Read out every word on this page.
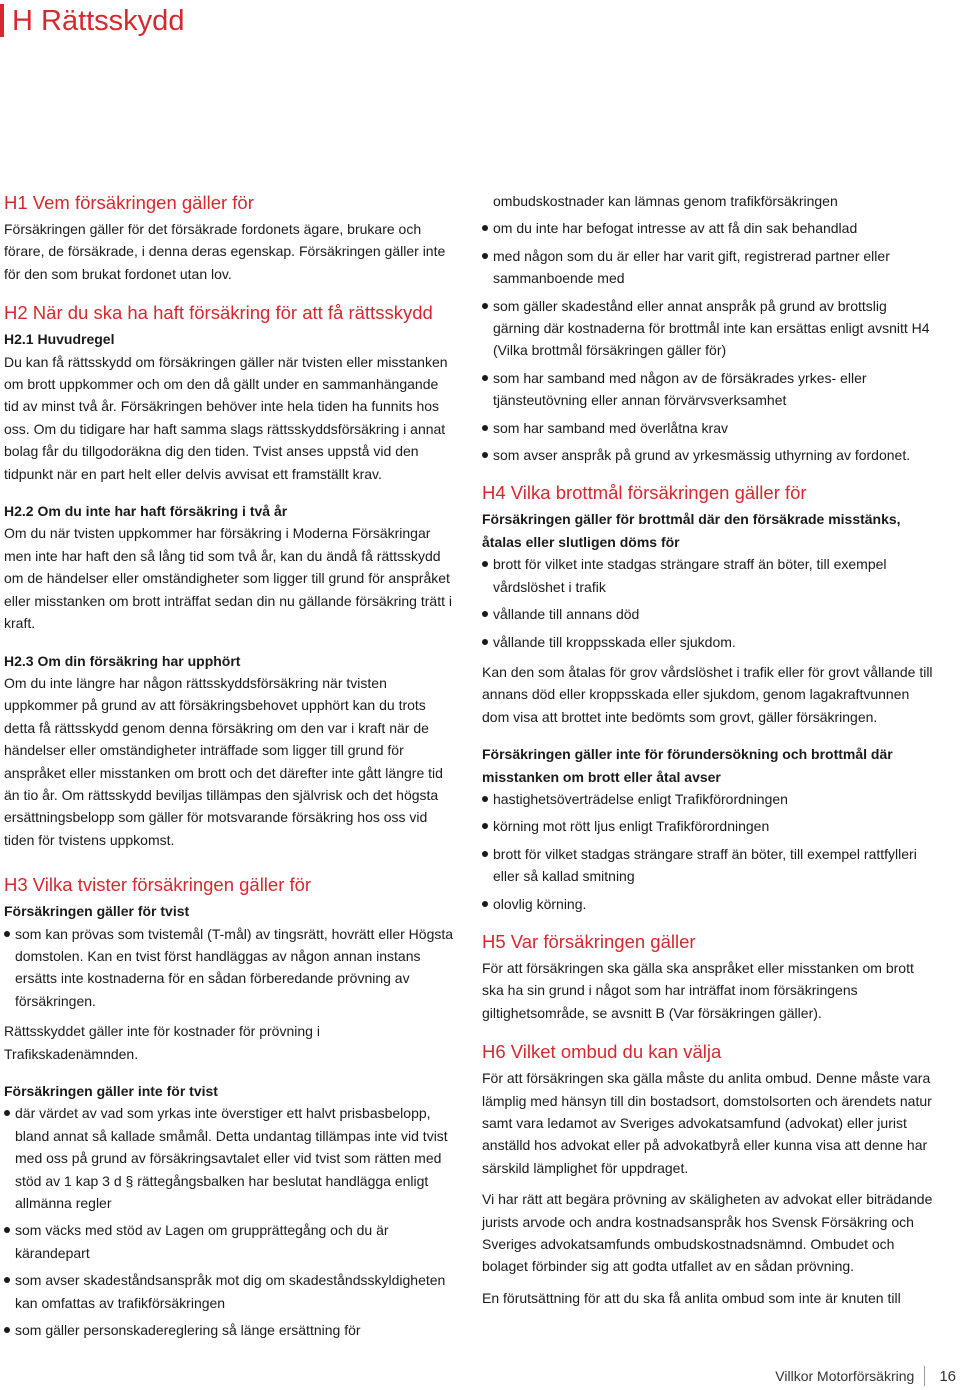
H Rättsskydd
H1 Vem försäkringen gäller för

Försäkringen gäller för det försäkrade fordonets ägare, brukare och förare, de försäkrade, i denna deras egenskap. Försäkringen gäller inte för den som brukat fordonet utan lov.

H2 När du ska ha haft försäkring för att få rättsskydd
H2.1 Huvudregel

Du kan få rättsskydd om försäkringen gäller när tvisten eller misstanken om brott uppkommer och om den då gällt under en sammanhängande tid av minst två år. Försäkringen behöver inte hela tiden ha funnits hos oss. Om du tidigare har haft samma slags rättsskyddsförsäkring i annat bolag får du tillgodoräkna dig den tiden. Tvist anses uppstå vid den tidpunkt när en part helt eller delvis avvisat ett framställt krav.

H2.2 Om du inte har haft försäkring i två år

Om du när tvisten uppkommer har försäkring i Moderna Försäkringar men inte har haft den så lång tid som två år, kan du ändå få rättsskydd om de händelser eller omständigheter som ligger till grund för anspråket eller misstanken om brott inträffat sedan din nu gällande försäkring trätt i kraft.

H2.3 Om din försäkring har upphört

Om du inte längre har någon rättsskyddsförsäkring när tvisten uppkommer på grund av att försäkringsbehovet upphört kan du trots detta få rättsskydd genom denna försäkring om den var i kraft när de händelser eller omständigheter inträffade som ligger till grund för anspråket eller misstanken om brott och det därefter inte gått längre tid än tio år. Om rättsskydd beviljas tillämpas den självrisk och det högsta ersättningsbelopp som gäller för motsvarande försäkring hos oss vid tiden för tvistens uppkomst.

H3 Vilka tvister försäkringen gäller för
Försäkringen gäller för tvist
som kan prövas som tvistemål (T-mål) av tingsrätt, hovrätt eller Högsta domstolen. Kan en tvist först handläggas av någon annan instans ersätts inte kostnaderna för en sådan förberedande prövning av försäkringen.

Rättsskyddet gäller inte för kostnader för prövning i Trafikskadenämnden.

Försäkringen gäller inte för tvist
där värdet av vad som yrkas inte överstiger ett halvt prisbasbelopp, bland annat så kallade småmål. Detta undantag tillämpas inte vid tvist med oss på grund av försäkringsavtalet eller vid tvist som rätten med stöd av 1 kap 3 d § rättegångsbalken har beslutat handlägga enligt allmänna regler
som väcks med stöd av Lagen om grupprättegång och du är kärandepart
som avser skadeståndsanspråk mot dig om skadeståndsskyldigheten kan omfattas av trafikförsäkringen
som gäller personskadereglering så länge ersättning för
ombudskostnader kan lämnas genom trafikförsäkringen
om du inte har befogat intresse av att få din sak behandlad
med någon som du är eller har varit gift, registrerad partner eller sammanboende med
som gäller skadestånd eller annat anspråk på grund av brottslig gärning där kostnaderna för brottmål inte kan ersättas enligt avsnitt H4 (Vilka brottmål försäkringen gäller för)
som har samband med någon av de försäkrades yrkes- eller tjänsteutövning eller annan förvärvsverksamhet
som har samband med överlåtna krav
som avser anspråk på grund av yrkesmässig uthyrning av fordonet.
H4 Vilka brottmål försäkringen gäller för
Försäkringen gäller för brottmål där den försäkrade misstänks, åtalas eller slutligen döms för
brott för vilket inte stadgas strängare straff än böter, till exempel vårdslöshet i trafik
vållande till annans död
vållande till kroppsskada eller sjukdom.

Kan den som åtalas för grov vårdslöshet i trafik eller för grovt vållande till annans död eller kroppsskada eller sjukdom, genom lagakraftvunnen dom visa att brottet inte bedömts som grovt, gäller försäkringen.

Försäkringen gäller inte för förundersökning och brottmål där misstanken om brott eller åtal avser
hastighetsöverträdelse enligt Trafikförordningen
körning mot rött ljus enligt Trafikförordningen
brott för vilket stadgas strängare straff än böter, till exempel rattfylleri eller så kallad smitning
olovlig körning.
H5 Var försäkringen gäller

För att försäkringen ska gälla ska anspråket eller misstanken om brott ska ha sin grund i något som har inträffat inom försäkringens giltighetsområde, se avsnitt B (Var försäkringen gäller).

H6 Vilket ombud du kan välja

För att försäkringen ska gälla måste du anlita ombud. Denne måste vara lämplig med hänsyn till din bostadsort, domstolsorten och ärendets natur samt vara ledamot av Sveriges advokatsamfund (advokat) eller jurist anställd hos advokat eller på advokatbyrå eller kunna visa att denne har särskild lämplighet för uppdraget.

Vi har rätt att begära prövning av skäligheten av advokat eller biträdande jurists arvode och andra kostnadsanspråk hos Svensk Försäkring och Sveriges advokatsamfunds ombudskostnadsnämnd. Ombudet och bolaget förbinder sig att godta utfallet av en sådan prövning.

En förutsättning för att du ska få anlita ombud som inte är knuten till

Villkor Motorförsäkring 16
